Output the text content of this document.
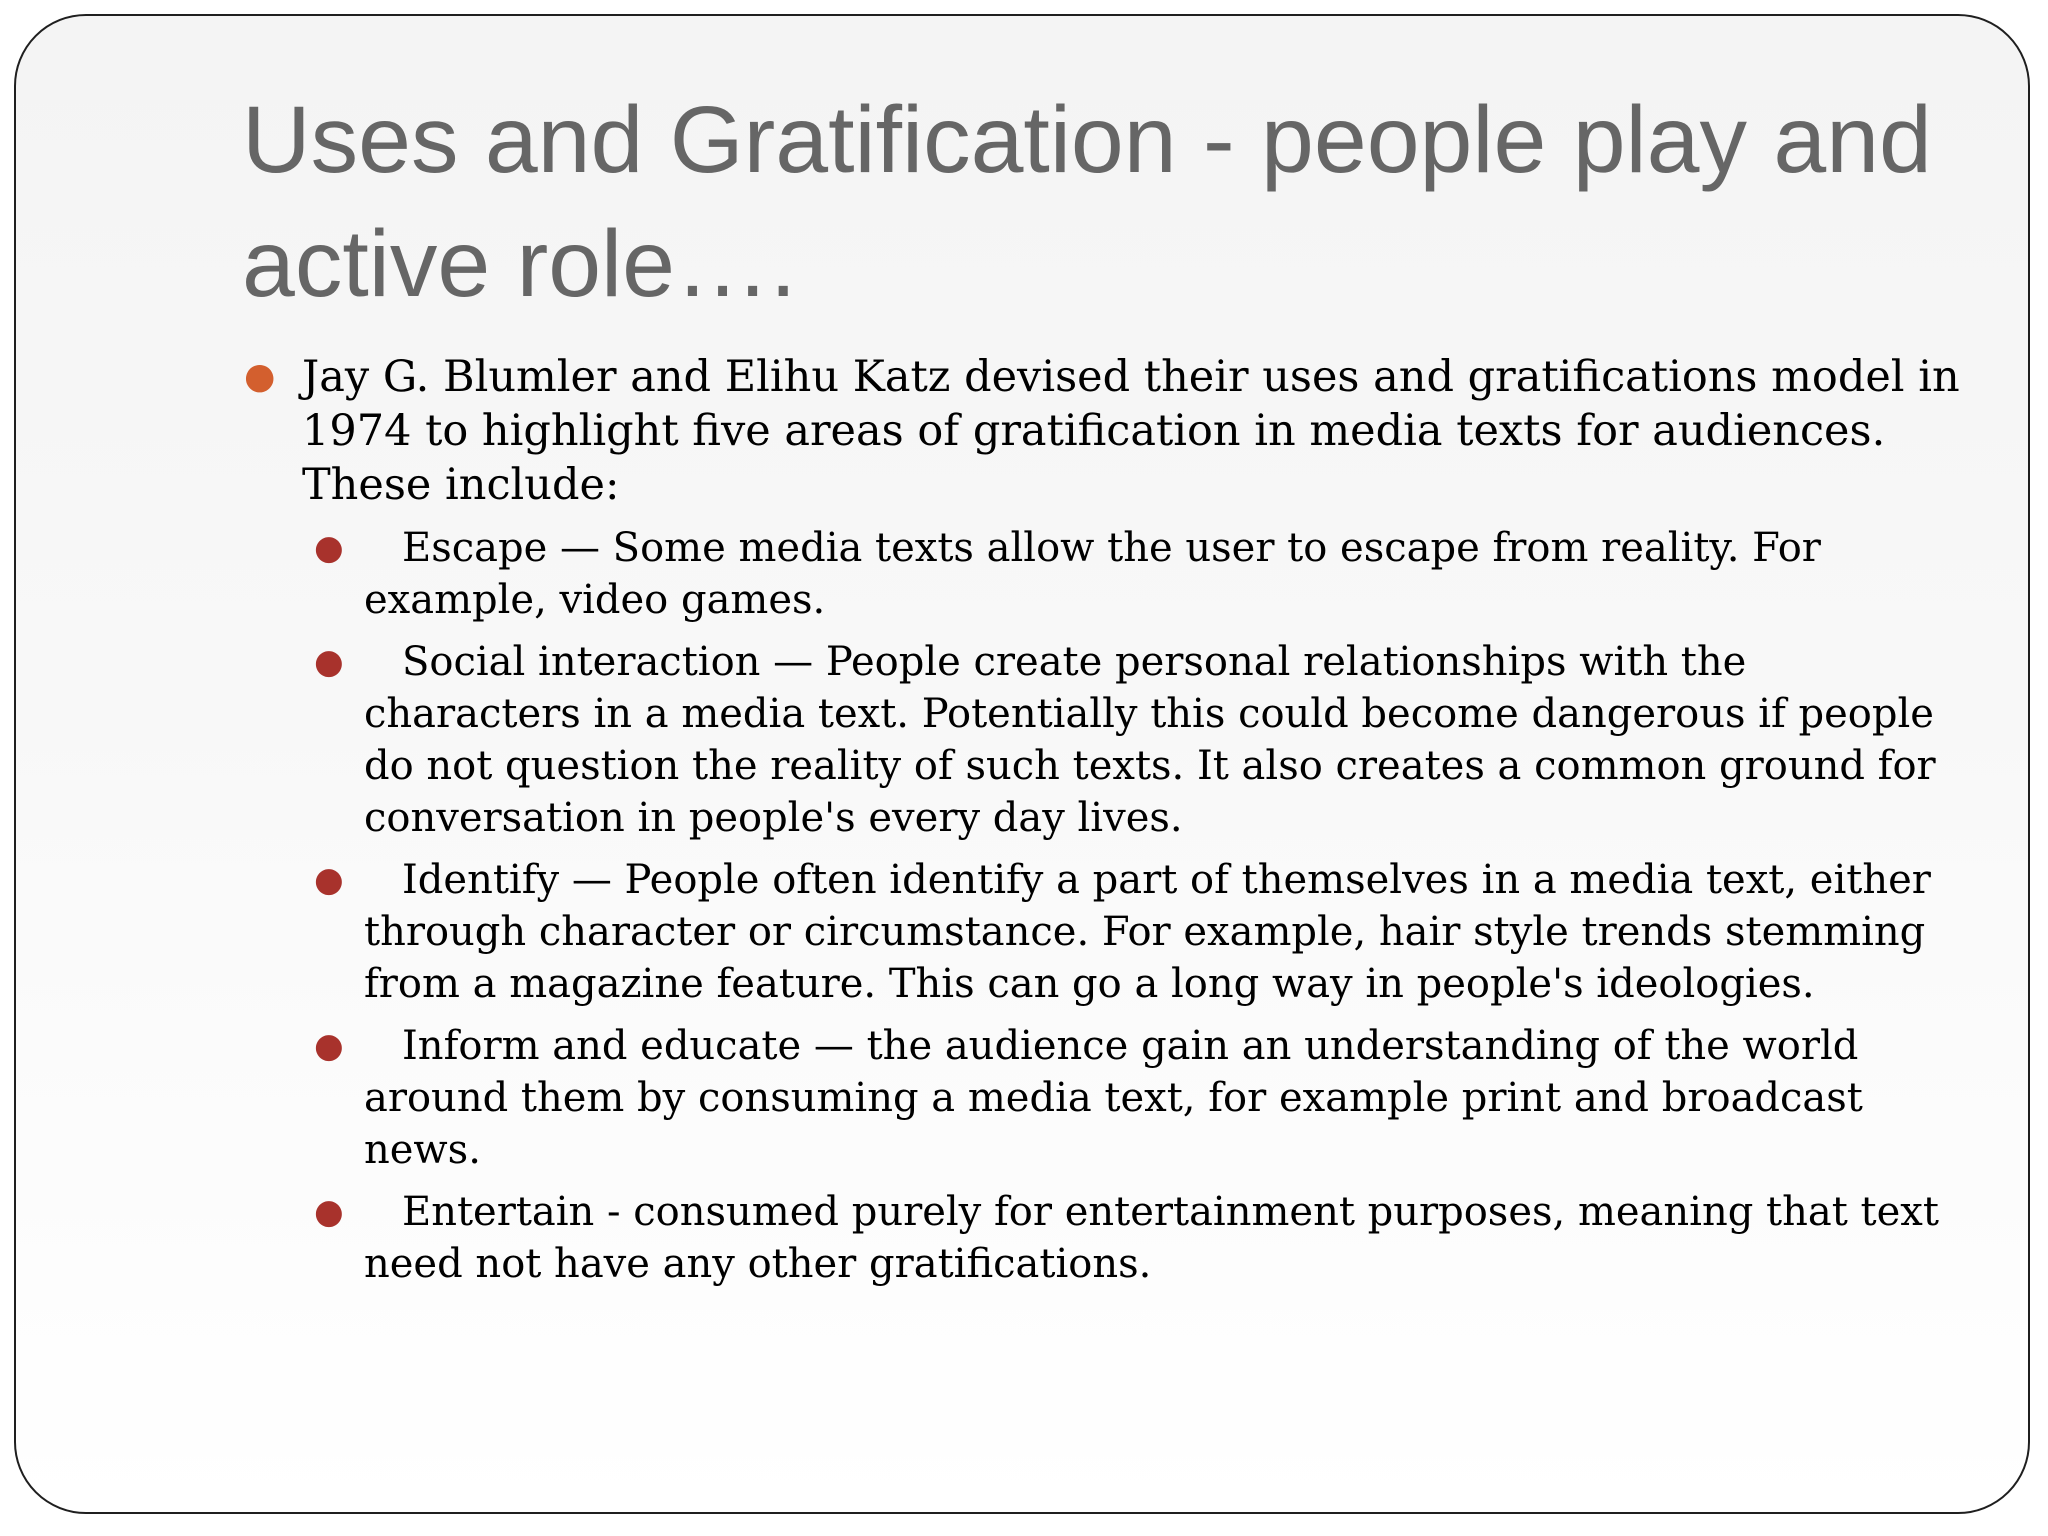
Uses and Gratification - people play and active role….
● Jay G. Blumler and Elihu Katz devised their uses and gratifications model in 1974 to highlight five areas of gratification in media texts for audiences. These include:
● Escape — Some media texts allow the user to escape from reality. For example, video games.
● Social interaction — People create personal relationships with the characters in a media text. Potentially this could become dangerous if people do not question the reality of such texts. It also creates a common ground for conversation in people's every day lives.
● Identify — People often identify a part of themselves in a media text, either through character or circumstance. For example, hair style trends stemming from a magazine feature. This can go a long way in people's ideologies.
● Inform and educate — the audience gain an understanding of the world around them by consuming a media text, for example print and broadcast news.
● Entertain - consumed purely for entertainment purposes, meaning that text need not have any other gratifications.
